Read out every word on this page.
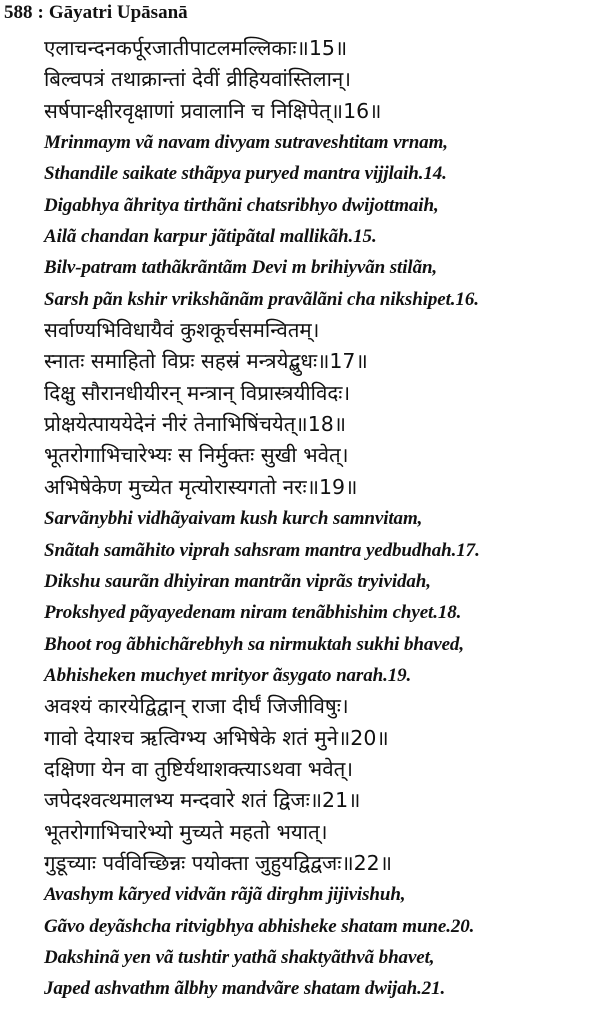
588 : Gāyatri Upāsanā
एलाचन्दनकर्पूरजातीपाटलमल्लिकाः॥15॥
बिल्वपत्रं तथाक्रान्तां देवीं व्रीहियवांस्तिलान्।
सर्षपान्क्षीरवृक्षाणां प्रवालानि च निक्षिपेत्॥16॥
Mrinmaym vã navam divyam sutraveshtitam vrnam,
Sthandile saikate sthãpya puryed mantra vijjlaih.14.
Digabhya ãhritya tirthãni chatsribhyo dwijottmaih,
Ailã chandan karpur jãtipãtal mallikãh.15.
Bilv-patram tathãkrãntãm Devi m brihiyvãn stilãn,
Sarsh pãn kshir vrikshãnãm pravãlãni cha nikshipet.16.
सर्वाण्यभिविधायैवं कुशकूर्चसमन्वितम्।
स्नातः समाहितो विप्रः सहस्रं मन्त्रयेद्बुधः॥17॥
दिक्षु सौरानधीयीरन् मन्त्रान् विप्रास्त्रयीविदः।
प्रोक्षयेत्पाययेदेनं नीरं तेनाभिषिंचयेत्॥18॥
भूतरोगाभिचारेभ्यः स निर्मुक्तः सुखी भवेत्।
अभिषेकेण मुच्येत मृत्योरास्यगतो नरः॥19॥
Sarvãnybhi vidhãyaivam kush kurch samnvitam,
Snãtah samãhito viprah sahsram mantra yedbudhah.17.
Dikshu saurãn dhiyiran mantrãn viprãs tryividah,
Prokshyed pãyayedenam niram tenãbhishim chyet.18.
Bhoot rog ãbhichãrebhyh sa nirmuktah sukhi bhaved,
Abhisheken muchyet mrityor ãsygato narah.19.
अवश्यं कारयेद्विद्वान् राजा दीर्घं जिजीविषुः।
गावो देयाश्च ऋत्विग्भ्य अभिषेके शतं मुने॥20॥
दक्षिणा येन वा तुष्टिर्यथाशक्त्याऽथवा भवेत्।
जपेदश्वत्थमालभ्य मन्दवारे शतं द्विजः॥21॥
भूतरोगाभिचारेभ्यो मुच्यते महतो भयात्।
गुडूच्याः पर्वविच्छिन्नः पयोक्ता जुहुयद्विद्वजः॥22॥
Avashym kãryed vidvãn rãjã dirghm jijivishuh,
Gãvo deyãshcha ritvigbhya abhisheke shatam mune.20.
Dakshinã yen vã tushtir yathã shaktyãthvã bhavet,
Japed ashvathm ãlbhy mandvãre shatam dwijah.21.
